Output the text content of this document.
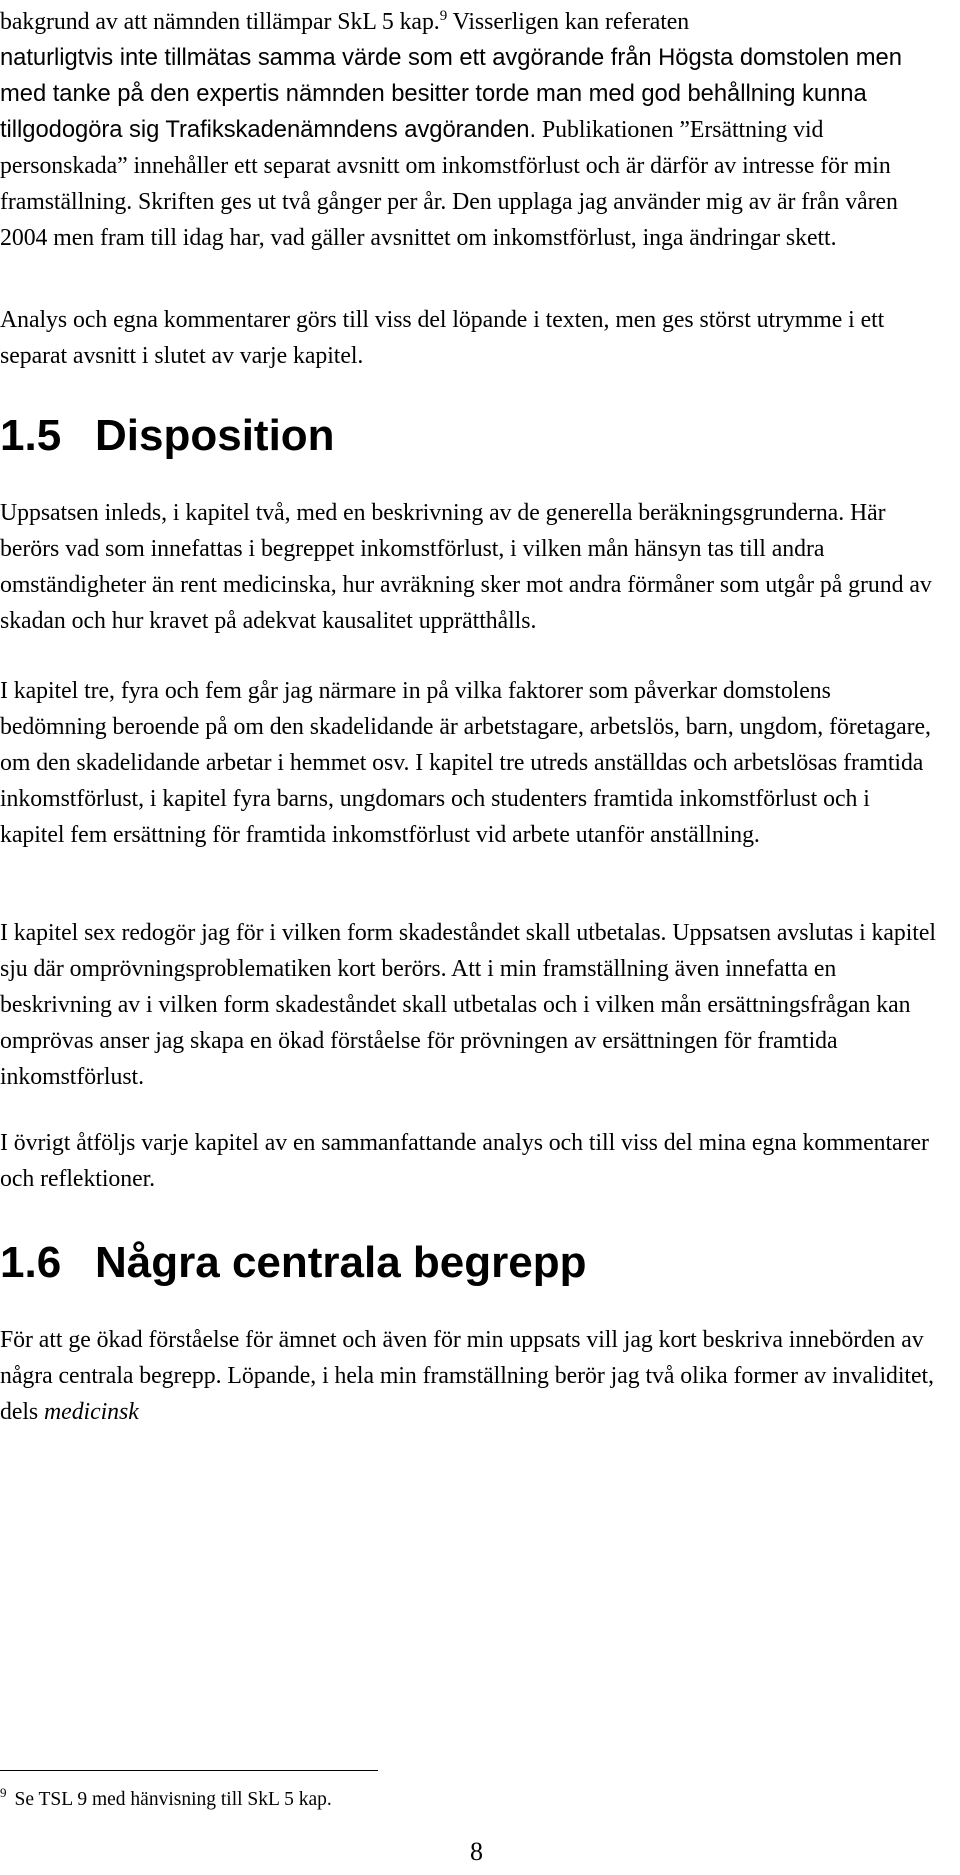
bakgrund av att nämnden tillämpar SkL 5 kap.$^9$ Visserligen kan referaten
naturligtvis inte tillmätas samma värde som ett avgörande från Högsta domstolen men med tanke på den expertis nämnden besitter torde man med god behållning kunna tillgodogöra sig Trafikskadenämndens avgöranden. Publikationen ”Ersättning vid personskada” innehåller ett separat avsnitt om inkomstförlust och är därför av intresse för min framställning. Skriften ges ut två gånger per år. Den upplaga jag använder mig av är från våren 2004 men fram till idag har, vad gäller avsnittet om inkomstförlust, inga ändringar skett.

Analys och egna kommentarer görs till viss del löpande i texten, men ges störst utrymme i ett separat avsnitt i slutet av varje kapitel.

1.5 Disposition

Uppsatsen inleds, i kapitel två, med en beskrivning av de generella beräkningsgrunderna. Här berörs vad som innefattas i begreppet inkomstförlust, i vilken mån hänsyn tas till andra omständigheter än rent medicinska, hur avräkning sker mot andra förmåner som utgår på grund av skadan och hur kravet på adekvat kausalitet upprätthålls.

I kapitel tre, fyra och fem går jag närmare in på vilka faktorer som påverkar domstolens bedömning beroende på om den skadelidande är arbetstagare, arbetslös, barn, ungdom, företagare, om den skadelidande arbetar i hemmet osv. I kapitel tre utreds anställdas och arbetslösas framtida inkomstförlust, i kapitel fyra barns, ungdomars och studenters framtida inkomstförlust och i kapitel fem ersättning för framtida inkomstförlust vid arbete utanför anställning.

I kapitel sex redogör jag för i vilken form skadeståndet skall utbetalas. Uppsatsen avslutas i kapitel sju där omprövningsproblematiken kort berörs. Att i min framställning även innefatta en beskrivning av i vilken form skadeståndet skall utbetalas och i vilken mån ersättningsfrågan kan omprövas anser jag skapa en ökad förståelse för prövningen av ersättningen för framtida inkomstförlust.

I övrigt åtföljs varje kapitel av en sammanfattande analys och till viss del mina egna kommentarer och reflektioner.

1.6 Några centrala begrepp

För att ge ökad förståelse för ämnet och även för min uppsats vill jag kort beskriva innebörden av några centrala begrepp. Löpande, i hela min framställning berör jag två olika former av invaliditet, dels medicinsk

$^9$ Se TSL 9 med hänvisning till SkL 5 kap.

8
